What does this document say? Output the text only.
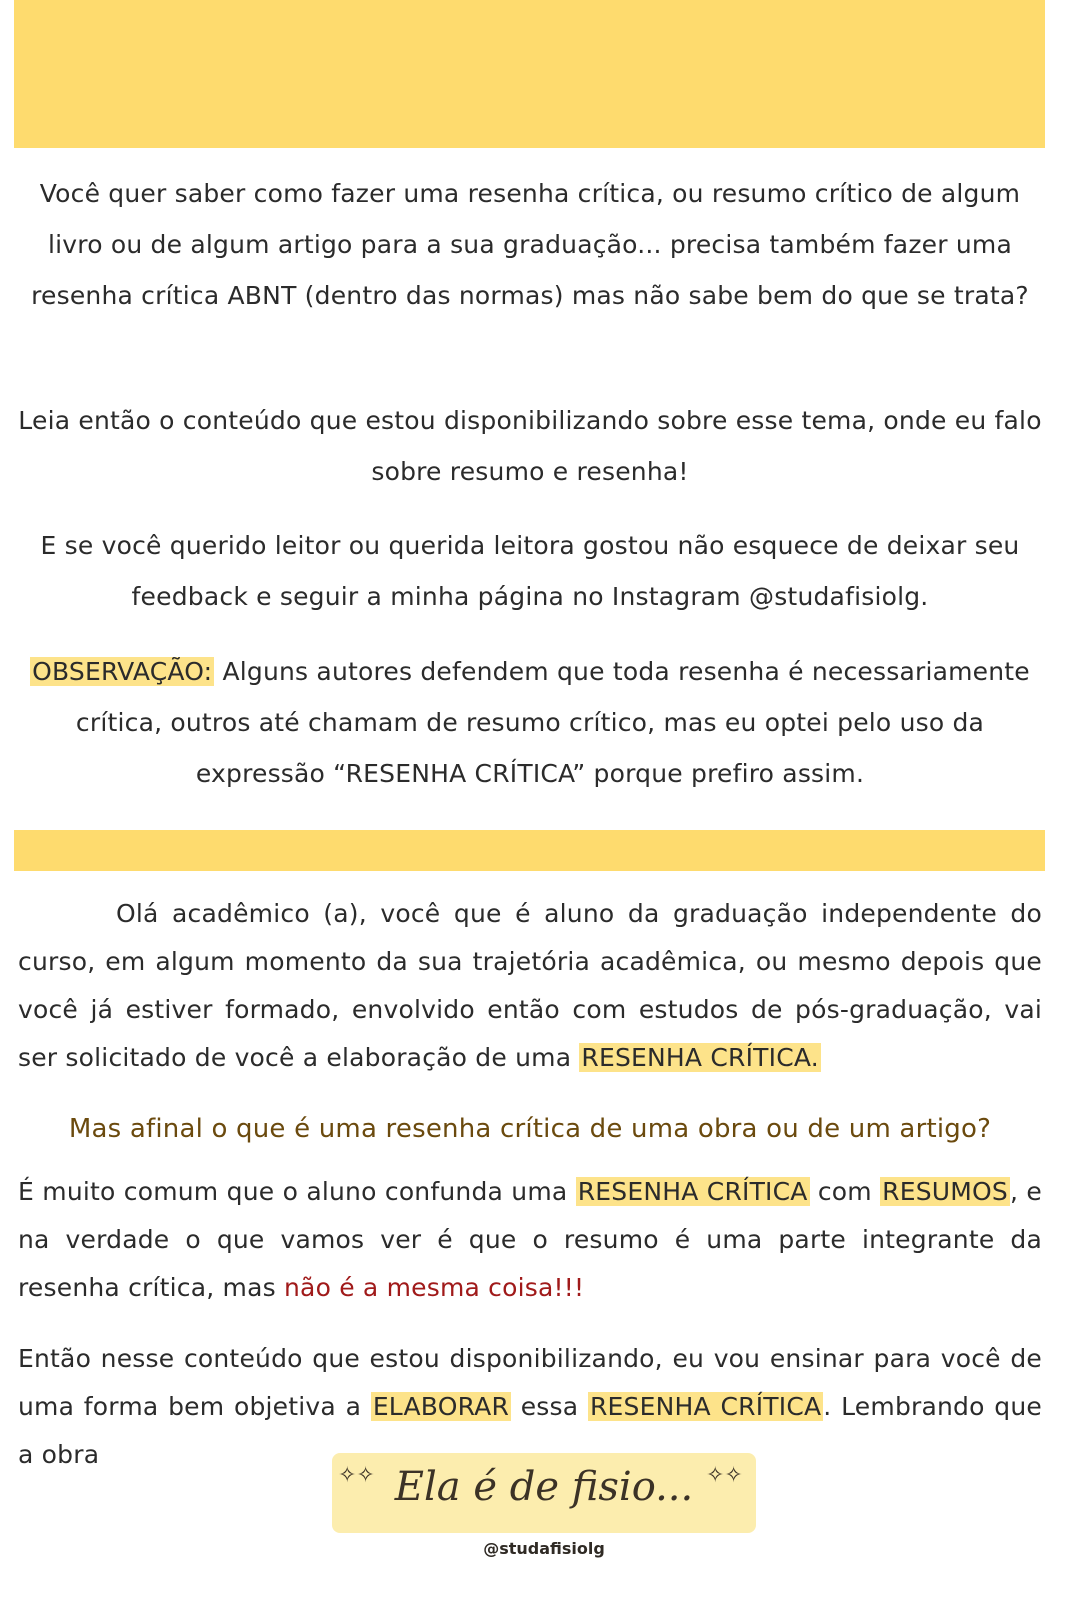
Você quer saber como fazer uma resenha crítica, ou resumo crítico de algum livro ou de algum artigo para a sua graduação... precisa também fazer uma resenha crítica ABNT (dentro das normas) mas não sabe bem do que se trata?

Leia então o conteúdo que estou disponibilizando sobre esse tema, onde eu falo sobre resumo e resenha!

E se você querido leitor ou querida leitora gostou não esquece de deixar seu feedback e seguir a minha página no Instagram @studafisiolg.

OBSERVAÇÃO: Alguns autores defendem que toda resenha é necessariamente crítica, outros até chamam de resumo crítico, mas eu optei pelo uso da expressão “RESENHA CRÍTICA” porque prefiro assim.

Olá acadêmico (a), você que é aluno da graduação independente do curso, em algum momento da sua trajetória acadêmica, ou mesmo depois que você já estiver formado, envolvido então com estudos de pós-graduação, vai ser solicitado de você a elaboração de uma RESENHA CRÍTICA.

Mas afinal o que é uma resenha crítica de uma obra ou de um artigo?

É muito comum que o aluno confunda uma RESENHA CRÍTICA com RESUMOS, e na verdade o que vamos ver é que o resumo é uma parte integrante da resenha crítica, mas não é a mesma coisa!!!

Então nesse conteúdo que estou disponibilizando, eu vou ensinar para você de uma forma bem objetiva a ELABORAR essa RESENHA CRÍTICA. Lembrando que a obra

✧✧	✧✧
Ela é de fisio...
@studafisiolg
